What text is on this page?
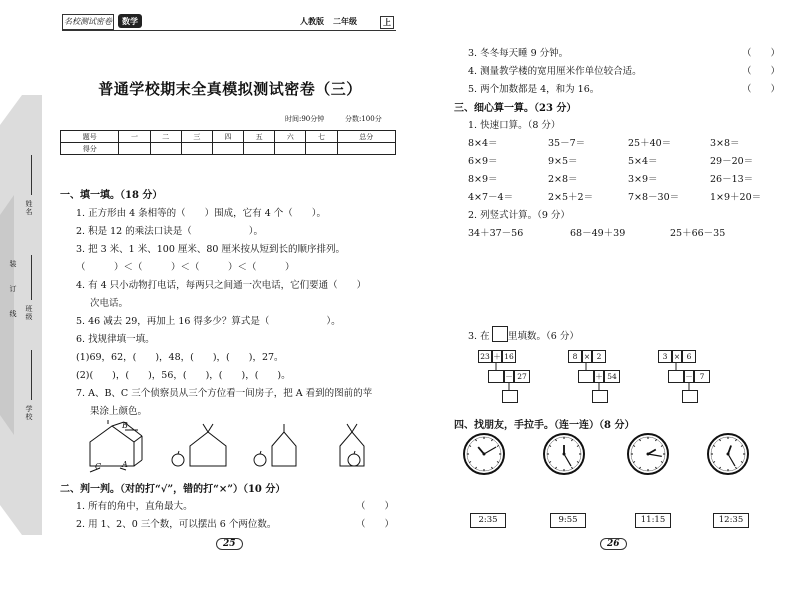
名校测试密卷	数学	人教版 二年级	上
普通学校期末全真模拟测试密卷（三）
时间:90分钟	分数:100分
题号	一	二	三	四	五	六	七	总分
得分								
姓名
班级
学校
装
订
线
一、填一填。（18 分）
1. 正方形由 4 条相等的（　　）围成，它有 4 个（　　）。
2. 积是 12 的乘法口诀是（　　　　　　）。
3. 把 3 米、1 米、100 厘米、80 厘米按从短到长的顺序排列。
（　　　）＜（　　　）＜（　　　）＜（　　　）
4. 有 4 只小动物打电话，每两只之间通一次电话，它们要通（　　）
次电话。
5. 46 减去 29，再加上 16 得多少？算式是（　　　　　　）。
6. 找规律填一填。
(1)69，62，(　　)，48，(　　)，(　　)，27。
(2)(　　)，(　　)，56，(　　)，(　　)，(　　)。
7. A、B、C 三个侦察员从三个方位看一间房子，把 A 看到的图前的苹
果涂上颜色。
B
C	A
二、判一判。（对的打“√”，错的打“×”）（10 分）
1. 所有的角中，直角最大。	（　　）
2. 用 1、2、0 三个数，可以摆出 6 个两位数。	（　　）
25
3. 冬冬每天睡 9 分钟。	（　　）
4. 测量教学楼的宽用厘米作单位较合适。	（　　）
5. 两个加数都是 4，和为 16。	（　　）
三、细心算一算。（23 分）
1. 快速口算。（8 分）
8×4＝	35－7＝	25＋40＝	3×8＝
6×9＝	9×5＝	5×4＝	29－20＝
8×9＝	2×8＝	3×9＝	26－13＝
4×7－4＝	2×5＋2＝	7×8－30＝	1×9＋20＝
2. 列竖式计算。（9 分）
34＋37－56	68－49＋39	25＋66－35
3. 在 里填数。（6 分）
23 ＋ 16
－ 27
8 × 2
＋ 54
3 × 6
－ 7
四、找朋友，手拉手。（连一连）（8 分）
2:35	9:55	11:15	12:35
26
